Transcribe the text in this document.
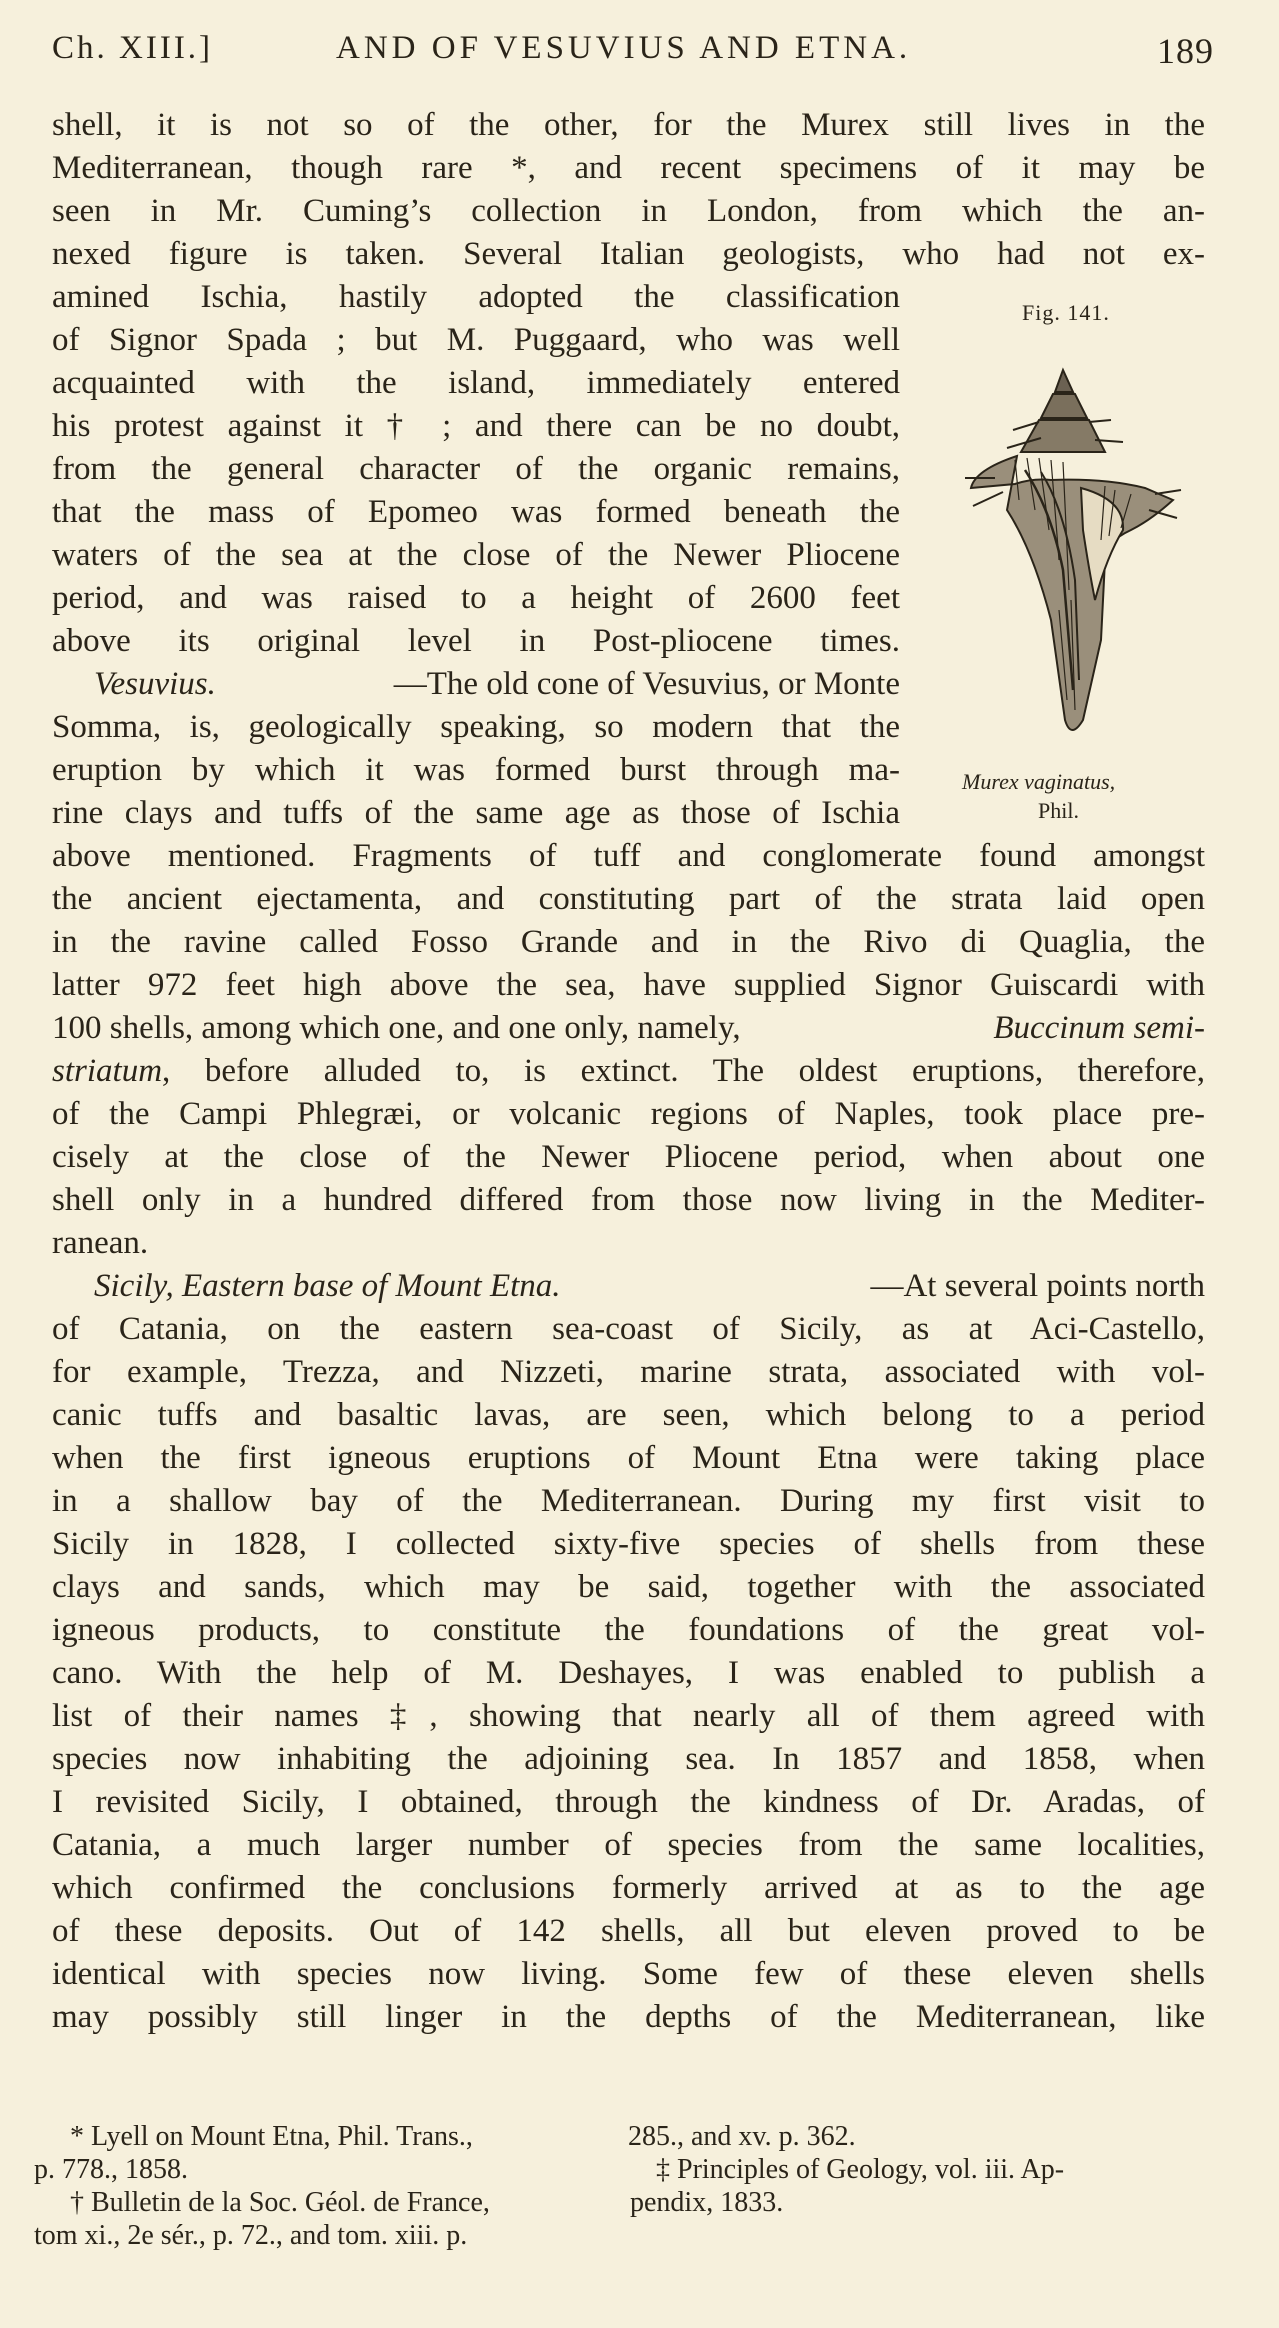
Ch. XIII.]	AND OF VESUVIUS AND ETNA.	189
Fig. 141.
Murex vaginatus,
Phil.
shell, it is not so of the other, for the Murex still lives in the
Mediterranean, though rare *, and recent specimens of it may be
seen in Mr. Cuming’s collection in London, from which the an-
nexed figure is taken. Several Italian geologists, who had not ex-
amined Ischia, hastily adopted the classification
of Signor Spada ; but M. Puggaard, who was well
acquainted with the island, immediately entered
his protest against it † ; and there can be no doubt,
from the general character of the organic remains,
that the mass of Epomeo was formed beneath the
waters of the sea at the close of the Newer Pliocene
period, and was raised to a height of 2600 feet
above its original level in Post-pliocene times.
Vesuvius.	—The old cone of Vesuvius, or Monte
Somma, is, geologically speaking, so modern that the
eruption by which it was formed burst through ma-
rine clays and tuffs of the same age as those of Ischia
above mentioned. Fragments of tuff and conglomerate found amongst
the ancient ejectamenta, and constituting part of the strata laid open
in the ravine called Fosso Grande and in the Rivo di Quaglia, the
latter 972 feet high above the sea, have supplied Signor Guiscardi with
100 shells, among which one, and one only, namely,	Buccinum semi-
striatum , before alluded to, is extinct. The oldest eruptions, therefore,
of the Campi Phlegræi, or volcanic regions of Naples, took place pre-
cisely at the close of the Newer Pliocene period, when about one
shell only in a hundred differed from those now living in the Mediter-
ranean.
Sicily, Eastern base of Mount Etna.	—At several points north
of Catania, on the eastern sea-coast of Sicily, as at Aci-Castello,
for example, Trezza, and Nizzeti, marine strata, associated with vol-
canic tuffs and basaltic lavas, are seen, which belong to a period
when the first igneous eruptions of Mount Etna were taking place
in a shallow bay of the Mediterranean. During my first visit to
Sicily in 1828, I collected sixty-five species of shells from these
clays and sands, which may be said, together with the associated
igneous products, to constitute the foundations of the great vol-
cano. With the help of M. Deshayes, I was enabled to publish a
list of their names ‡, showing that nearly all of them agreed with
species now inhabiting the adjoining sea. In 1857 and 1858, when
I revisited Sicily, I obtained, through the kindness of Dr. Aradas, of
Catania, a much larger number of species from the same localities,
which confirmed the conclusions formerly arrived at as to the age
of these deposits. Out of 142 shells, all but eleven proved to be
identical with species now living. Some few of these eleven shells
may possibly still linger in the depths of the Mediterranean, like
* Lyell on Mount Etna, Phil. Trans.,
p. 778., 1858.
† Bulletin de la Soc. Géol. de France,
tom xi., 2e sér., p. 72., and tom. xiii. p.
285., and xv. p. 362.
‡ Principles of Geology, vol. iii. Ap-
pendix, 1833.
